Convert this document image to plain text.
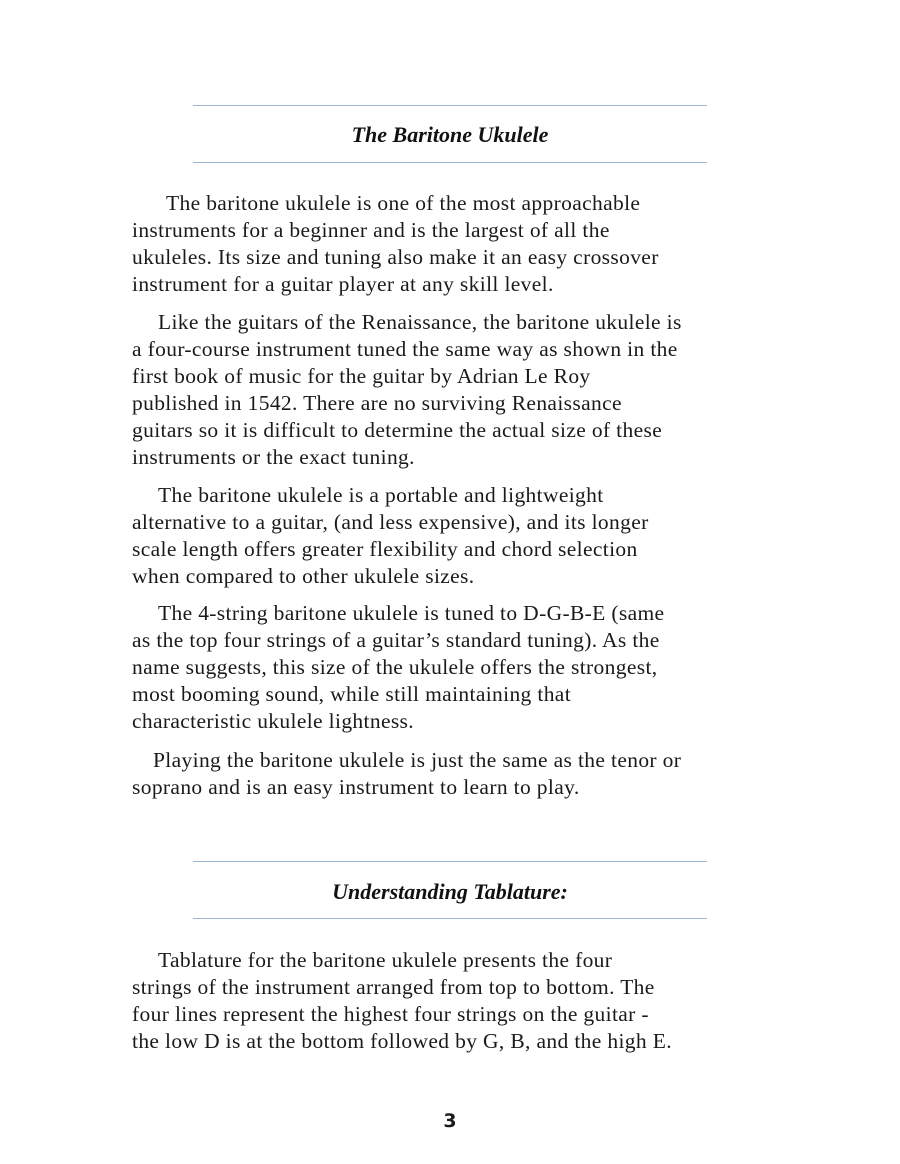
The Baritone Ukulele

The baritone ukulele is one of the most approachable
instruments for a beginner and is the largest of all the
ukuleles. Its size and tuning also make it an easy crossover
instrument for a guitar player at any skill level.

Like the guitars of the Renaissance, the baritone ukulele is
a four-course instrument tuned the same way as shown in the
first book of music for the guitar by Adrian Le Roy
published in 1542. There are no surviving Renaissance
guitars so it is difficult to determine the actual size of these
instruments or the exact tuning.

The baritone ukulele is a portable and lightweight
alternative to a guitar, (and less expensive), and its longer
scale length offers greater flexibility and chord selection
when compared to other ukulele sizes.

The 4-string baritone ukulele is tuned to D-G-B-E (same
as the top four strings of a guitar’s standard tuning). As the
name suggests, this size of the ukulele offers the strongest,
most booming sound, while still maintaining that
characteristic ukulele lightness.

Playing the baritone ukulele is just the same as the tenor or
soprano and is an easy instrument to learn to play.

Understanding Tablature:

Tablature for the baritone ukulele presents the four
strings of the instrument arranged from top to bottom. The
four lines represent the highest four strings on the guitar -
the low D is at the bottom followed by G, B, and the high E.

3
